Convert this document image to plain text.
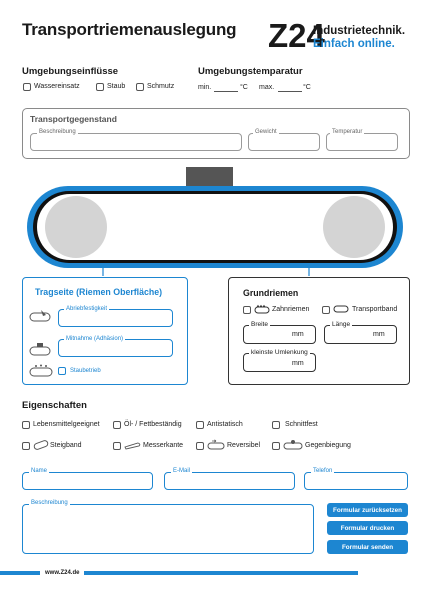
Transportriemenauslegung Z24
Industrietechnik.
Einfach online.
Umgebungseinflüsse
Wassereinsatz	Staub	Schmutz
Umgebungstemparatur
min.	°C max.	°C
Transportgegenstand
Beschreibung	Gewicht	Temperatur
Tragseite (Riemen Oberfläche)
Abriebfestigkeit
Mitnahme (Adhäsion)
Staubetrieb
Grundriemen
Zahnriemen	Transportband
Breite
mm
Länge
mm
kleinste Umlenkung
mm
Eigenschaften
Lebensmittelgeeignet	Öl- / Fettbeständig	Antistatisch	Schnittfest
Steigband	Messerkante	Reversibel	Gegenbiegung
Name	E-Mail	Telefon
Beschreibung
Formular zurücksetzen
Formular drucken
Formular senden
www.Z24.de
